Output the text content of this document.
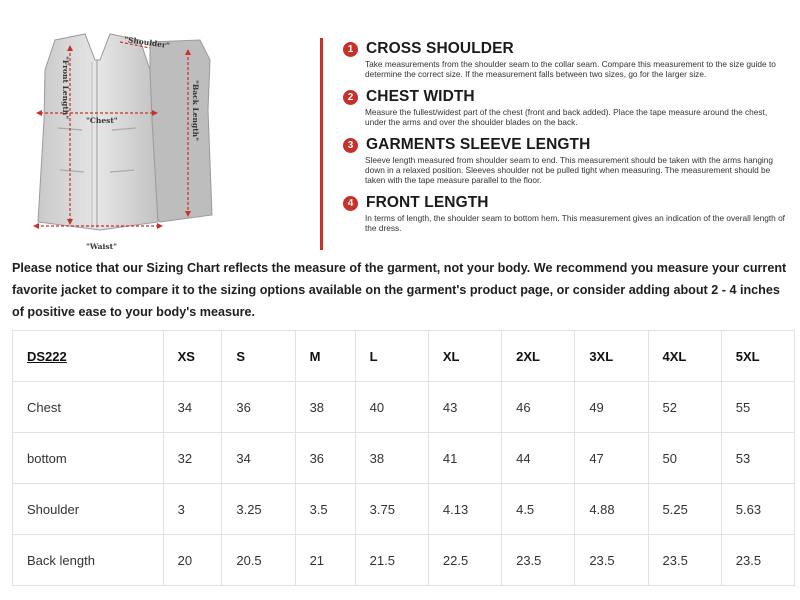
"Shoulder"
"Front Length"	"Back Length"
"Chest"
"Waist"
1 CROSS SHOULDER

Take measurements from the shoulder seam to the collar seam. Compare this measurement to the size guide to determine the correct size. If the measurement falls between two sizes, go for the larger size.

2 CHEST WIDTH

Measure the fullest/widest part of the chest (front and back added). Place the tape measure around the chest, under the arms and over the shoulder blades on the back.

3 GARMENTS SLEEVE LENGTH

Sleeve length measured from shoulder seam to end. This measurement should be taken with the arms hanging down in a relaxed position. Sleeves shoulder not be pulled tight when measuring. The measurement should be taken with the tape measure parallel to the floor.

4 FRONT LENGTH

In terms of length, the shoulder seam to bottom hem. This measurement gives an indication of the overall length of the dress.

Please notice that our Sizing Chart reflects the measure of the garment, not your body. We recommend you measure your current favorite jacket to compare it to the sizing options available on the garment's product page, or consider adding about 2 - 4 inches of positive ease to your body's measure.

DS222	XS	S	M	L	XL	2XL	3XL	4XL	5XL
Chest	34	36	38	40	43	46	49	52	55
bottom	32	34	36	38	41	44	47	50	53
Shoulder	3	3.25	3.5	3.75	4.13	4.5	4.88	5.25	5.63
Back length	20	20.5	21	21.5	22.5	23.5	23.5	23.5	23.5
